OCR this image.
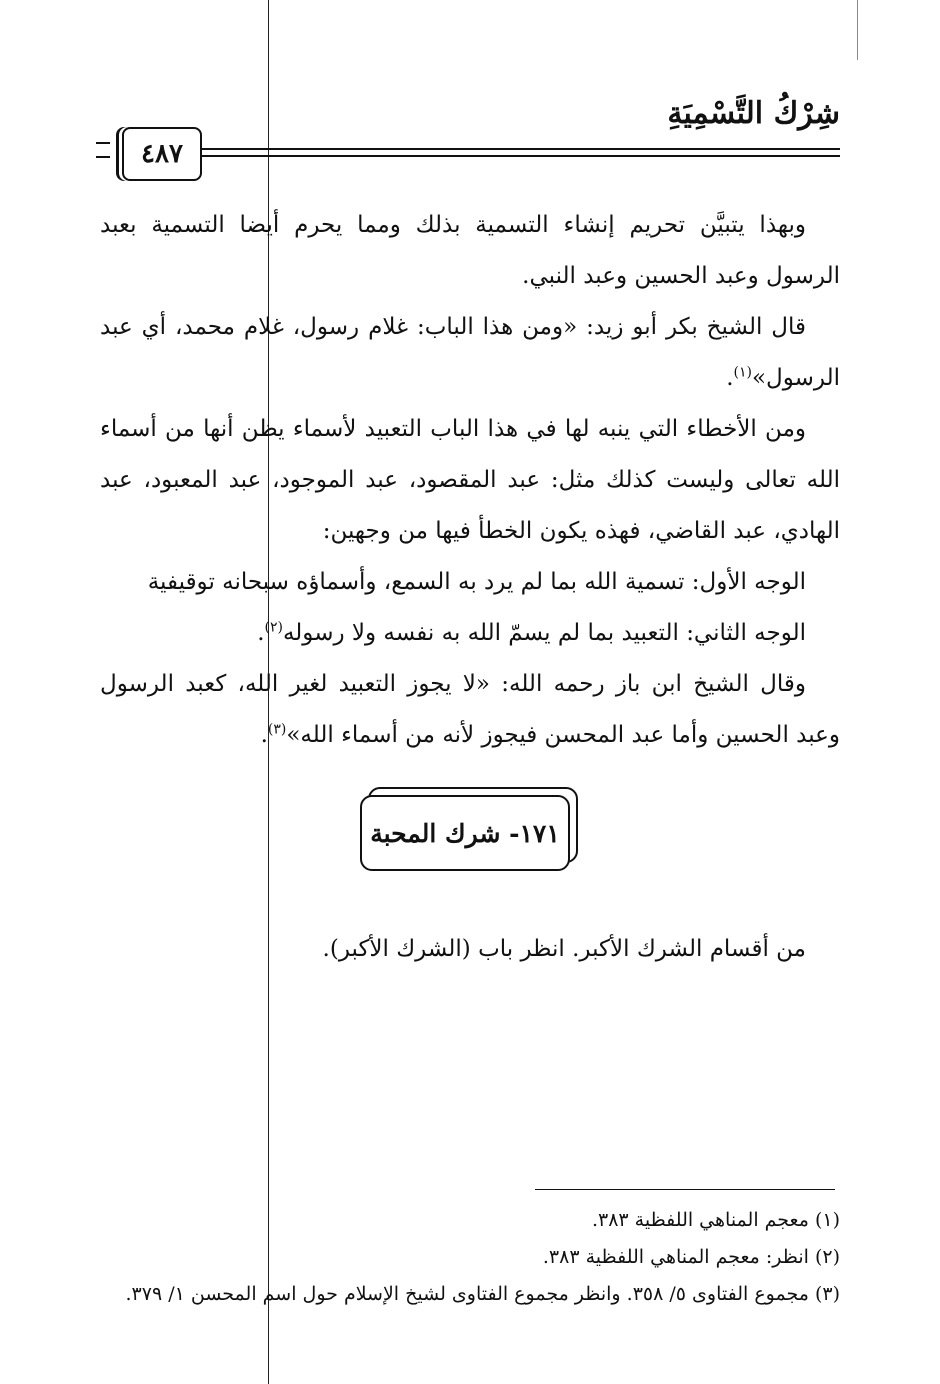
شِرْكُ التَّسْمِيَةِ
٤٨٧

وبهذا يتبيَّن تحريم إنشاء التسمية بذلك ومما يحرم أيضا التسمية بعبد الرسول وعبد الحسين وعبد النبي.

قال الشيخ بكر أبو زيد: «ومن هذا الباب: غلام رسول، غلام محمد، أي عبد الرسول»$^{(١)}$.

ومن الأخطاء التي ينبه لها في هذا الباب التعبيد لأسماء يظن أنها من أسماء الله تعالى وليست كذلك مثل: عبد المقصود، عبد الموجود، عبد المعبود، عبد الهادي، عبد القاضي، فهذه يكون الخطأ فيها من وجهين:

الوجه الأول: تسمية الله بما لم يرد به السمع، وأسماؤه سبحانه توقيفية

الوجه الثاني: التعبيد بما لم يسمّ الله به نفسه ولا رسوله$^{(٢)}$.

وقال الشيخ ابن باز رحمه الله: «لا يجوز التعبيد لغير الله، كعبد الرسول وعبد الحسين وأما عبد المحسن فيجوز لأنه من أسماء الله»$^{(٣)}$.

١٧١- شرك المحبة

من أقسام الشرك الأكبر. انظر باب (الشرك الأكبر).

(١) معجم المناهي اللفظية ٣٨٣.

(٢) انظر: معجم المناهي اللفظية ٣٨٣.

(٣) مجموع الفتاوى ٥/ ٣٥٨. وانظر مجموع الفتاوى لشيخ الإسلام حول اسم المحسن ١/ ٣٧٩.
